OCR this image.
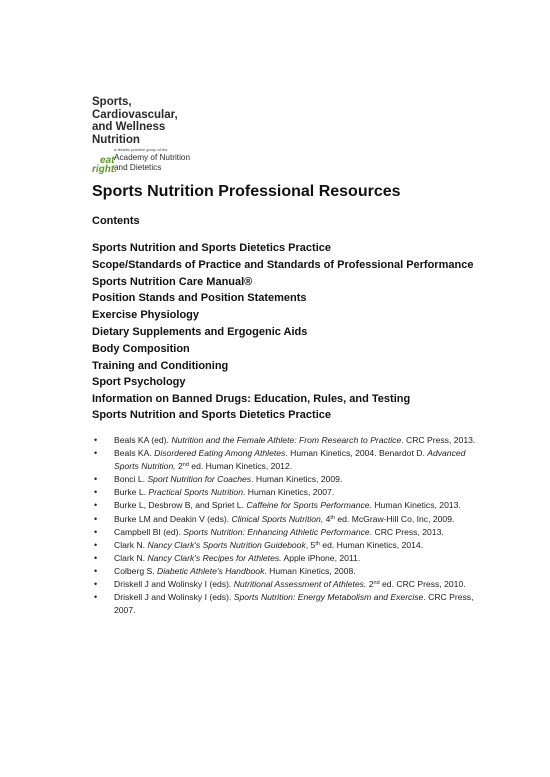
Sports,
Cardiovascular,
and Wellness
Nutrition
eat
right.
a dietetic practice group of the
Academy of Nutrition
and Dietetics
Sports Nutrition Professional Resources
Contents
Sports Nutrition and Sports Dietetics Practice
Scope/Standards of Practice and Standards of Professional Performance
Sports Nutrition Care Manual®
Position Stands and Position Statements
Exercise Physiology
Dietary Supplements and Ergogenic Aids
Body Composition
Training and Conditioning
Sport Psychology
Information on Banned Drugs: Education, Rules, and Testing
Sports Nutrition and Sports Dietetics Practice
• Beals KA (ed). Nutrition and the Female Athlete: From Research to Practice. CRC Press, 2013.
• Beals KA. Disordered Eating Among Athletes. Human Kinetics, 2004. Benardot D. Advanced Sports Nutrition, 2nd ed. Human Kinetics, 2012.
• Bonci L. Sport Nutrition for Coaches. Human Kinetics, 2009.
• Burke L. Practical Sports Nutrition. Human Kinetics, 2007.
• Burke L, Desbrow B, and Spriet L. Caffeine for Sports Performance. Human Kinetics, 2013.
• Burke LM and Deakin V (eds). Clinical Sports Nutrition, 4th ed. McGraw-Hill Co, Inc, 2009.
• Campbell BI (ed). Sports Nutrition: Enhancing Athletic Performance. CRC Press, 2013.
• Clark N. Nancy Clark's Sports Nutrition Guidebook, 5th ed. Human Kinetics, 2014.
• Clark N. Nancy Clark's Recipes for Athletes. Apple iPhone, 2011.
• Colberg S. Diabetic Athlete's Handbook. Human Kinetics, 2008.
• Driskell J and Wolinsky I (eds). Nutritional Assessment of Athletes. 2nd ed. CRC Press, 2010.
• Driskell J and Wolinsky I (eds). Sports Nutrition: Energy Metabolism and Exercise. CRC Press, 2007.
